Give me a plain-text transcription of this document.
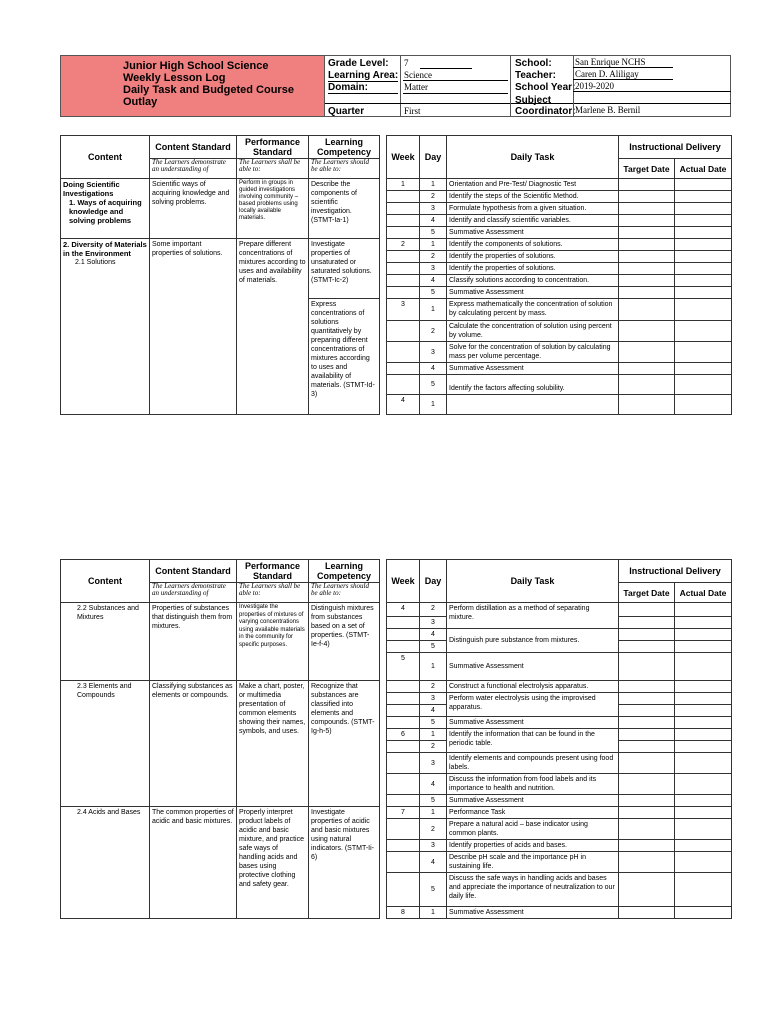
Junior High School Science
Weekly Lesson Log
Daily Task and Budgeted Course Outlay
Grade Level:
Learning Area:
Domain:
Quarter
7
Science
Matter
First
School:
Teacher:
School Year:
Subject
Coordinator:
San Enrique NCHS
Caren D. Aliligay
2019-2020
Marlene B. Bernil
Content	Content Standard	Performance Standard	Learning Competency		Week	Day	Daily Task	Instructional Delivery	
	The Learners demonstrate an understanding of	The Learners shall be able to:	The Learners should be able to:					Target Date	Actual Date

Doing Scientific Investigations
1. Ways of acquiring knowledge and solving problems	Scientific ways of acquiring knowledge and solving problems.	Perform in groups in guided investigations involving community – based problems using locally available materials.	Describe the components of scientific investigation. (STMT-Ia-1)		1	1	Orientation and Pre-Test/ Diagnostic Test		
						2	Identify the steps of the Scientific Method.		
						3	Formulate hypothesis from a given situation.		
						4	Identify and classify scientific variables.		
						5	Summative Assessment		

2. Diversity of Materials in the Environment
2.1 Solutions	Some important properties of solutions.	Prepare different concentrations of mixtures according to uses and availability of materials.	Investigate properties of unsaturated or saturated solutions. (STMT-Ic-2)		2	1	Identify the components of solutions.		
						2	Identify the properties of solutions.		
						3	Identify the properties of solutions.		
						4	Classify solutions according to concentration.		
						5	Summative Assessment		
			Express concentrations of solutions quantitatively by preparing different concentrations of mixtures according to uses and availability of materials. (STMT-Id-3)		3	1	Express mathematically the concentration of solution by calculating percent by mass.		
						2	Calculate the concentration of solution using percent by volume.		
						3	Solve for the concentration of solution by calculating mass per volume percentage.		
						4	Summative Assessment		
						5	Identify the factors affecting solubility.		
					4	1			
Content	Content Standard	Performance Standard	Learning Competency		Week	Day	Daily Task	Instructional Delivery	
	The Learners demonstrate an understanding of	The Learners shall be able to:	The Learners should be able to:					Target Date	Actual Date
2.2 Substances and Mixtures	Properties of substances that distinguish them from mixtures.	Investigate the properties of mixtures of varying concentrations using available materials in the community for specific purposes.	Distinguish mixtures from substances based on a set of properties. (STMT-Ie-f-4)		4	2	Perform distillation as a method of separating mixture.		
						3			
						4	Distinguish pure substance from mixtures.		
						5			
					5	1	Summative Assessment		
2.3 Elements and Compounds	Classifying substances as elements or compounds.	Make a chart, poster, or multimedia presentation of common elements showing their names, symbols, and uses.	Recognize that substances are classified into elements and compounds. (STMT-Ig-h-5)			2	Construct a functional electrolysis apparatus.		
						3	Perform water electrolysis using the improvised apparatus.		
						4			
						5	Summative Assessment		
					6	1	Identify the information that can be found in the periodic table.		
						2			
						3	Identify elements and compounds present using food labels.		
						4	Discuss the information from food labels and its importance to health and nutrition.		
						5	Summative Assessment		
2.4 Acids and Bases	The common properties of acidic and basic mixtures.	Properly interpret product labels of acidic and basic mixture, and practice safe ways of handling acids and bases using protective clothing and safety gear.	Investigate properties of acidic and basic mixtures using natural indicators. (STMT-Ii-6)		7	1	Performance Task		
						2	Prepare a natural acid – base indicator using common plants.		
						3	Identify properties of acids and bases.		
						4	Describe pH scale and the importance pH in sustaining life.		
						5	Discuss the safe ways in handling acids and bases and appreciate the importance of neutralization to our daily life.		
					8	1	Summative Assessment		
